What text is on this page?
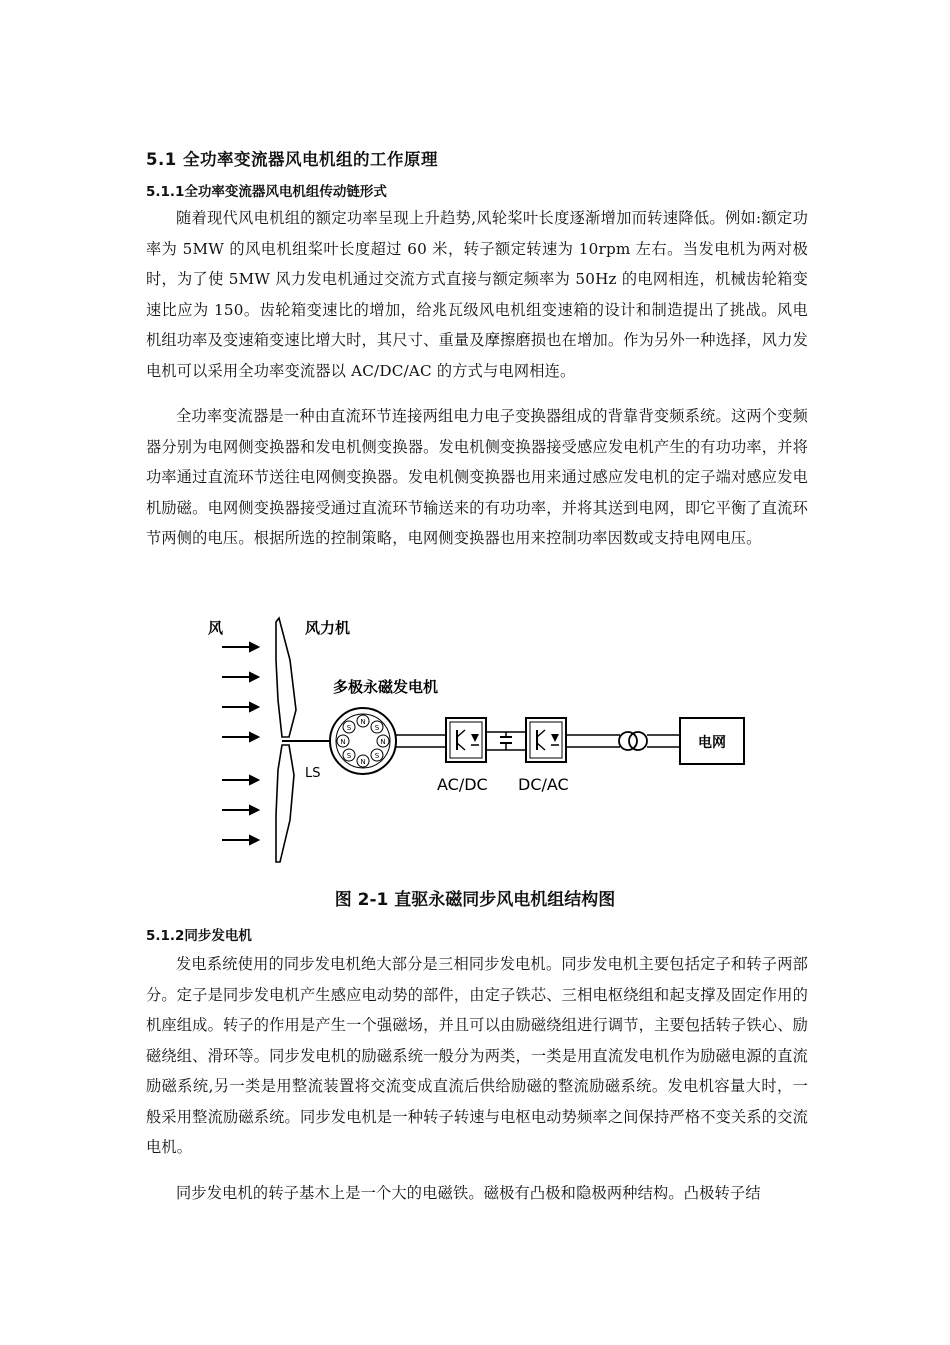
5.1 全功率变流器风电机组的工作原理
5.1.1全功率变流器风电机组传动链形式

随着现代风电机组的额定功率呈现上升趋势,风轮桨叶长度逐渐增加而转速降低。例如:额定功率为 5MW 的风电机组桨叶长度超过 60 米，转子额定转速为 10rpm 左右。当发电机为两对极时，为了使 5MW 风力发电机通过交流方式直接与额定频率为 50Hz 的电网相连，机械齿轮箱变速比应为 150。齿轮箱变速比的增加，给兆瓦级风电机组变速箱的设计和制造提出了挑战。风电机组功率及变速箱变速比增大时，其尺寸、重量及摩擦磨损也在增加。作为另外一种选择，风力发电机可以采用全功率变流器以 AC/DC/AC 的方式与电网相连。

全功率变流器是一种由直流环节连接两组电力电子变换器组成的背靠背变频系统。这两个变频器分别为电网侧变换器和发电机侧变换器。发电机侧变换器接受感应发电机产生的有功功率，并将功率通过直流环节送往电网侧变换器。发电机侧变换器也用来通过感应发电机的定子端对感应发电机励磁。电网侧变换器接受通过直流环节输送来的有功功率，并将其送到电网，即它平衡了直流环节两侧的电压。根据所选的控制策略，电网侧变换器也用来控制功率因数或支持电网电压。

风	风力机
多极永磁发电机
LS
AC/DC DC/AC
N
S
N
S
N
S
N
S
电网
图 2-1 直驱永磁同步风电机组结构图
5.1.2同步发电机

发电系统使用的同步发电机绝大部分是三相同步发电机。同步发电机主要包括定子和转子两部分。定子是同步发电机产生感应电动势的部件，由定子铁芯、三相电枢绕组和起支撑及固定作用的机座组成。转子的作用是产生一个强磁场，并且可以由励磁绕组进行调节，主要包括转子铁心、励磁绕组、滑环等。同步发电机的励磁系统一般分为两类，一类是用直流发电机作为励磁电源的直流励磁系统,另一类是用整流装置将交流变成直流后供给励磁的整流励磁系统。发电机容量大时，一般采用整流励磁系统。同步发电机是一种转子转速与电枢电动势频率之间保持严格不变关系的交流电机。

同步发电机的转子基木上是一个大的电磁铁。磁极有凸极和隐极两种结构。凸极转子结
